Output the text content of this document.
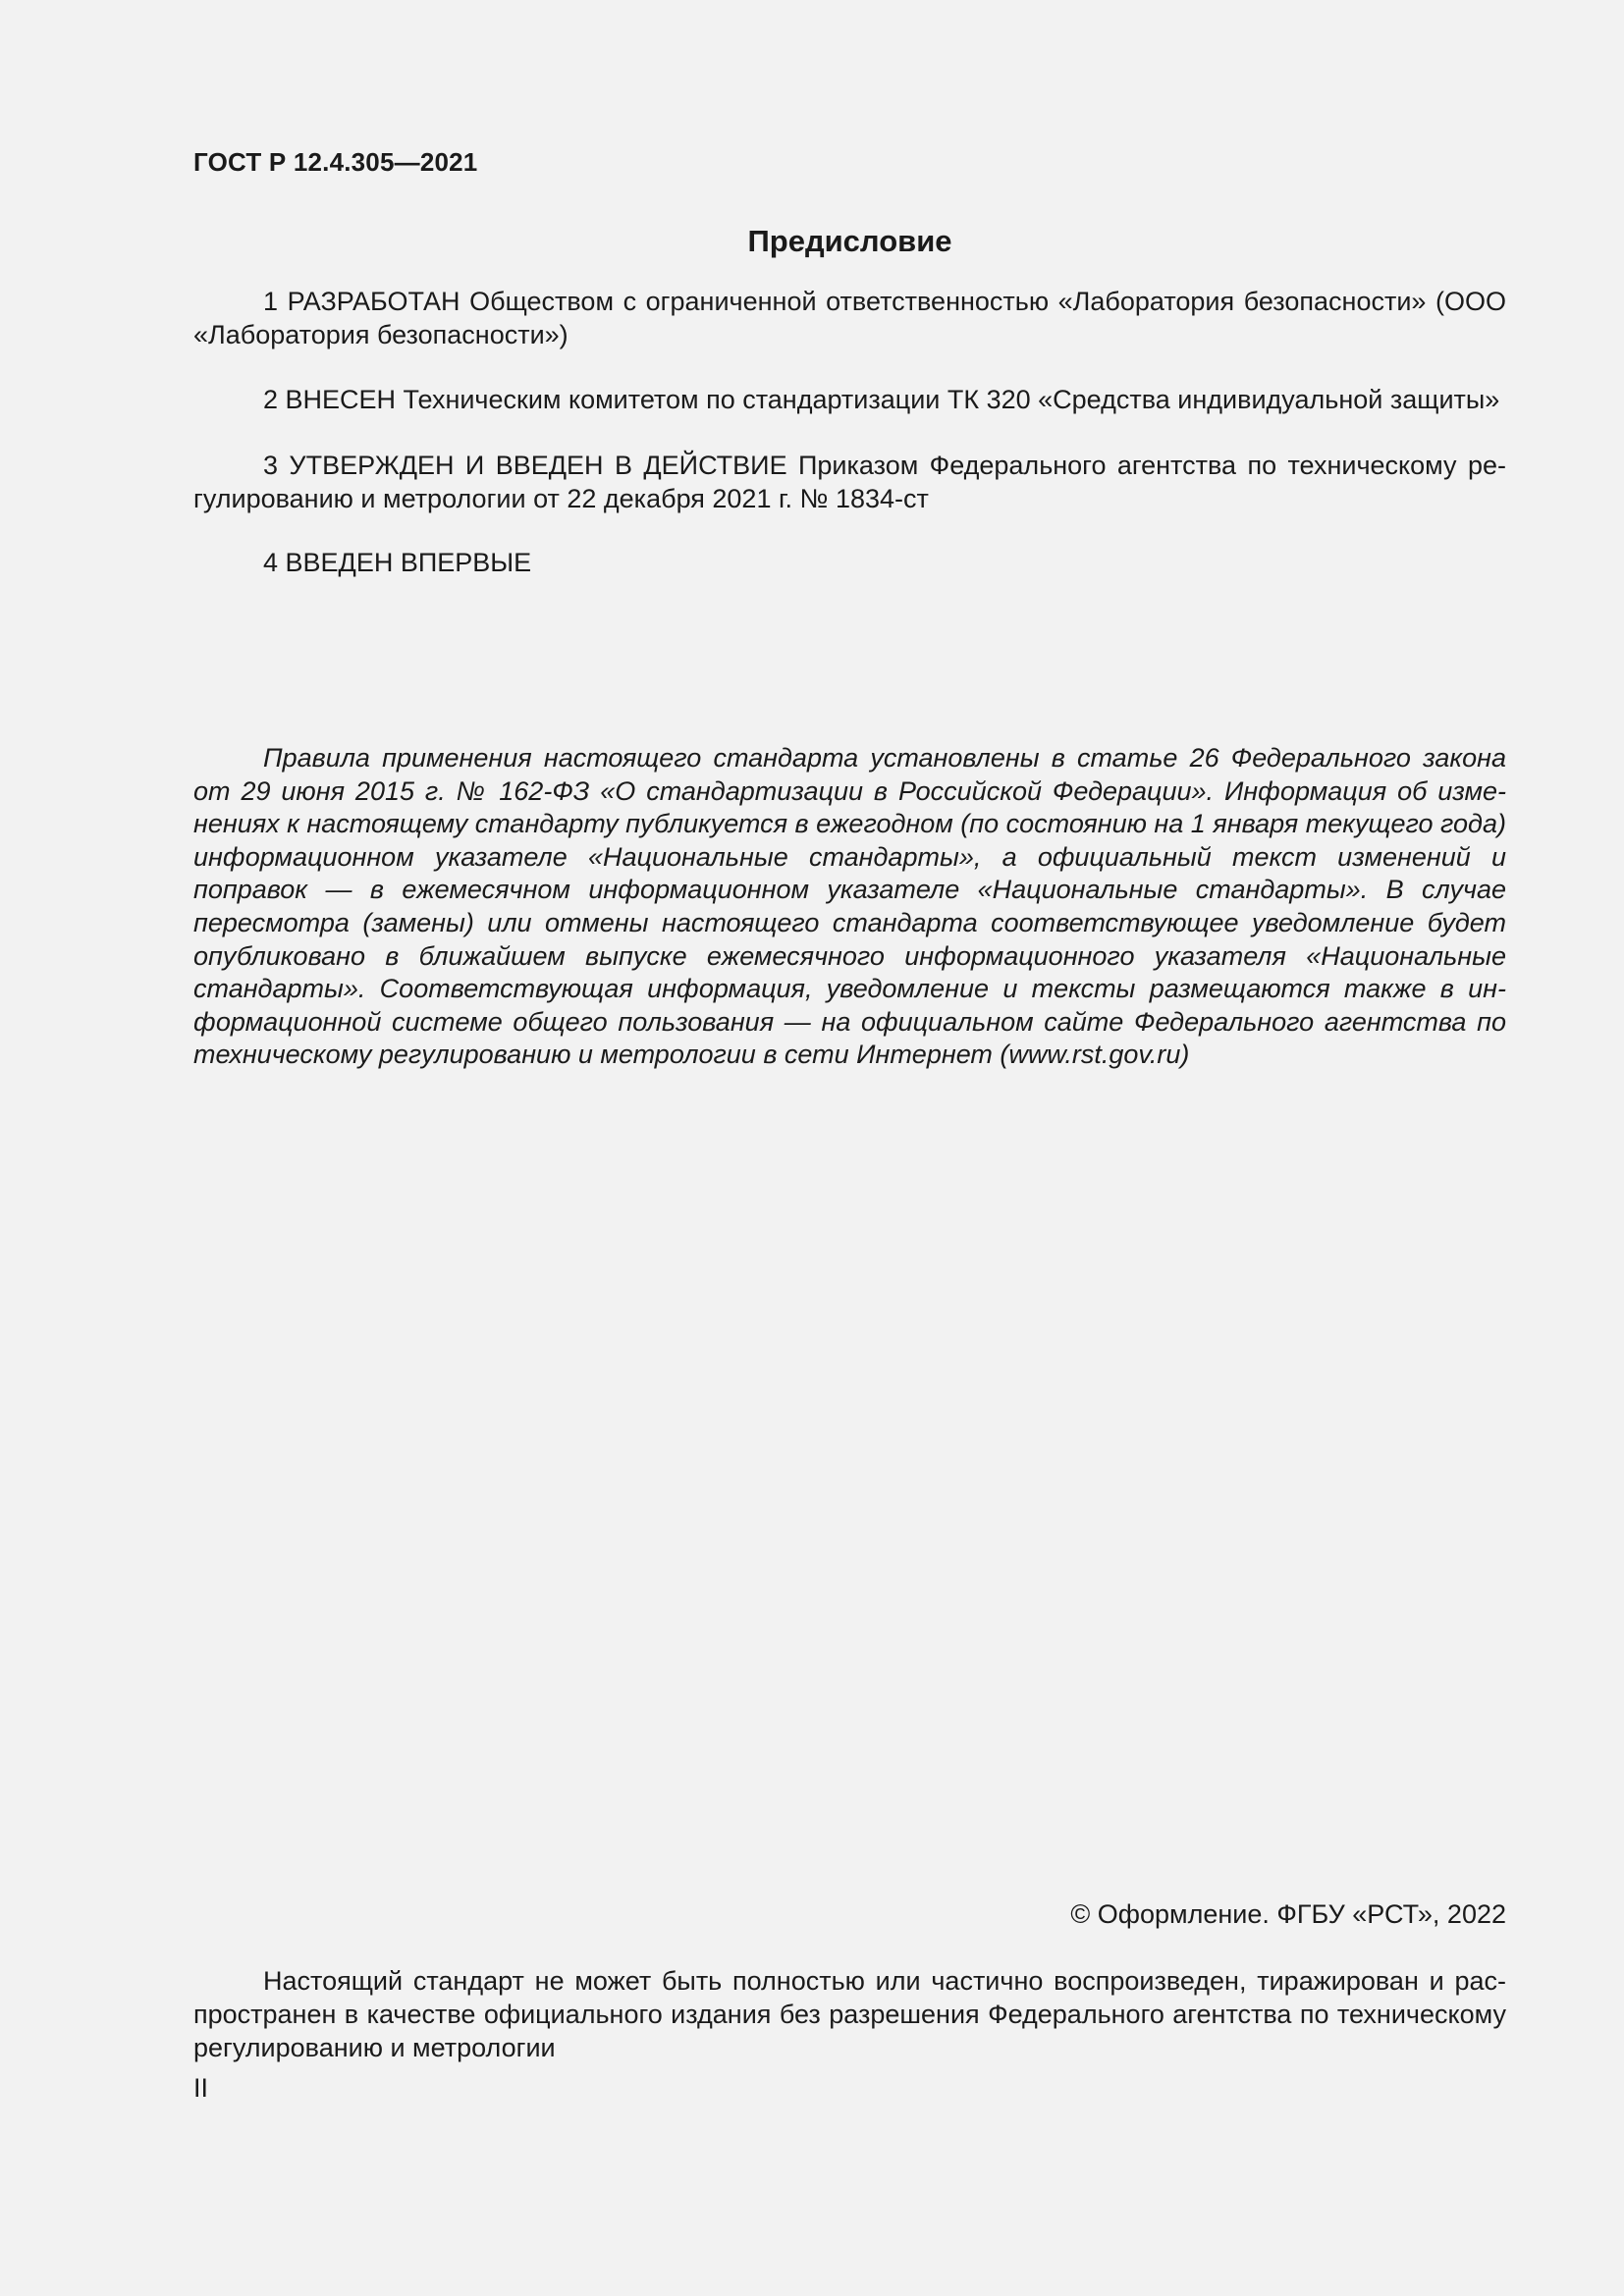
ГОСТ Р 12.4.305—2021
Предисловие

1 РАЗРАБОТАН Обществом с ограниченной ответственностью «Лаборатория безопасности» (ООО «Лаборатория безопасности»)

2 ВНЕСЕН Техническим комитетом по стандартизации ТК 320 «Средства индивидуальной защиты»

3 УТВЕРЖДЕН И ВВЕДЕН В ДЕЙСТВИЕ Приказом Федерального агентства по техническому регулированию и метрологии от 22 декабря 2021 г. № 1834-ст

4 ВВЕДЕН ВПЕРВЫЕ

Правила применения настоящего стандарта установлены в статье 26 Федерального закона от 29 июня 2015 г. № 162-ФЗ «О стандартизации в Российской Федерации». Информация об изменениях к настоящему стандарту публикуется в ежегодном (по состоянию на 1 января текущего года) информационном указателе «Национальные стандарты», а официальный текст изменений и поправок — в ежемесячном информационном указателе «Национальные стандарты». В случае пересмотра (замены) или отмены настоящего стандарта соответствующее уведомление будет опубликовано в ближайшем выпуске ежемесячного информационного указателя «Национальные стандарты». Соответствующая информация, уведомление и тексты размещаются также в информационной системе общего пользования — на официальном сайте Федерального агентства по техническому регулированию и метрологии в сети Интернет (www.rst.gov.ru)

© Оформление. ФГБУ «РСТ», 2022

Настоящий стандарт не может быть полностью или частично воспроизведен, тиражирован и распространен в качестве официального издания без разрешения Федерального агентства по техническому регулированию и метрологии

II
